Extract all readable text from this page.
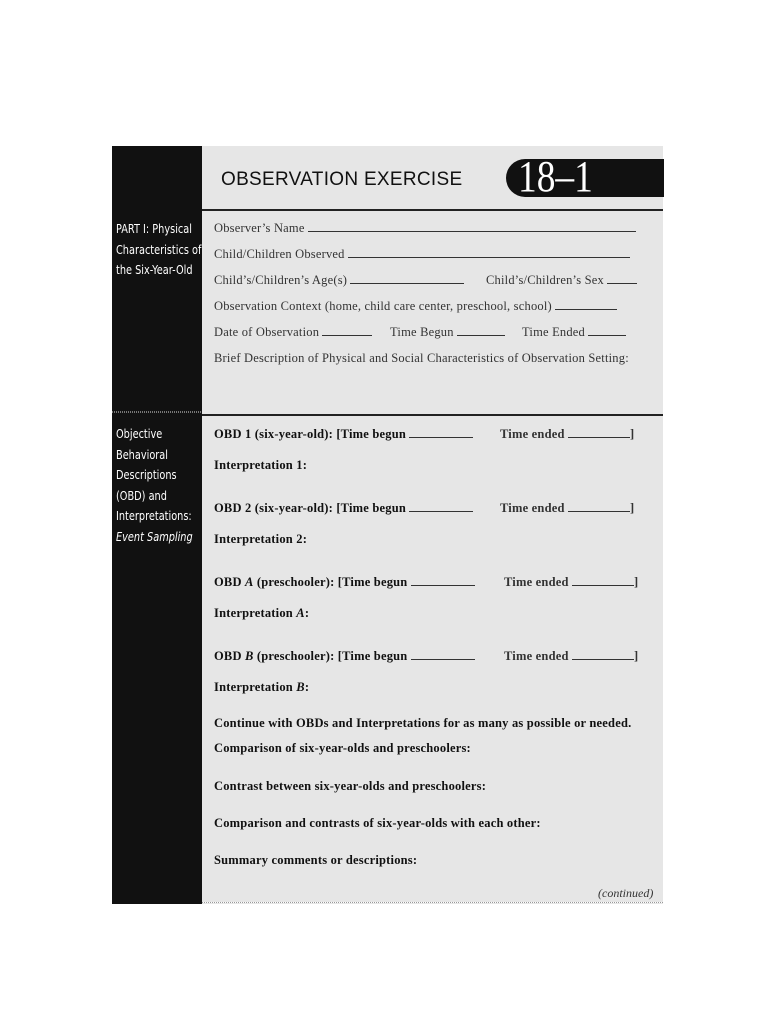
OBSERVATION EXERCISE 18–1
PART I: Physical
Characteristics of
the Six-Year-Old
Objective
Behavioral
Descriptions
(OBD) and
Interpretations:
Event Sampling
Observer’s Name
Child/Children Observed
Child’s/Children’s Age(s)	Child’s/Children’s Sex
Observation Context (home, child care center, preschool, school)
Date of Observation	Time Begun	Time Ended
Brief Description of Physical and Social Characteristics of Observation Setting:
OBD 1 (six-year-old): [Time begun	Time ended	]
Interpretation 1:
OBD 2 (six-year-old): [Time begun	Time ended	]
Interpretation 2:
OBD A (preschooler): [Time begun	Time ended	]
Interpretation A:
OBD B (preschooler): [Time begun	Time ended	]
Interpretation B:
Continue with OBDs and Interpretations for as many as possible or needed.
Comparison of six-year-olds and preschoolers:
Contrast between six-year-olds and preschoolers:
Comparison and contrasts of six-year-olds with each other:
Summary comments or descriptions:
(continued)
